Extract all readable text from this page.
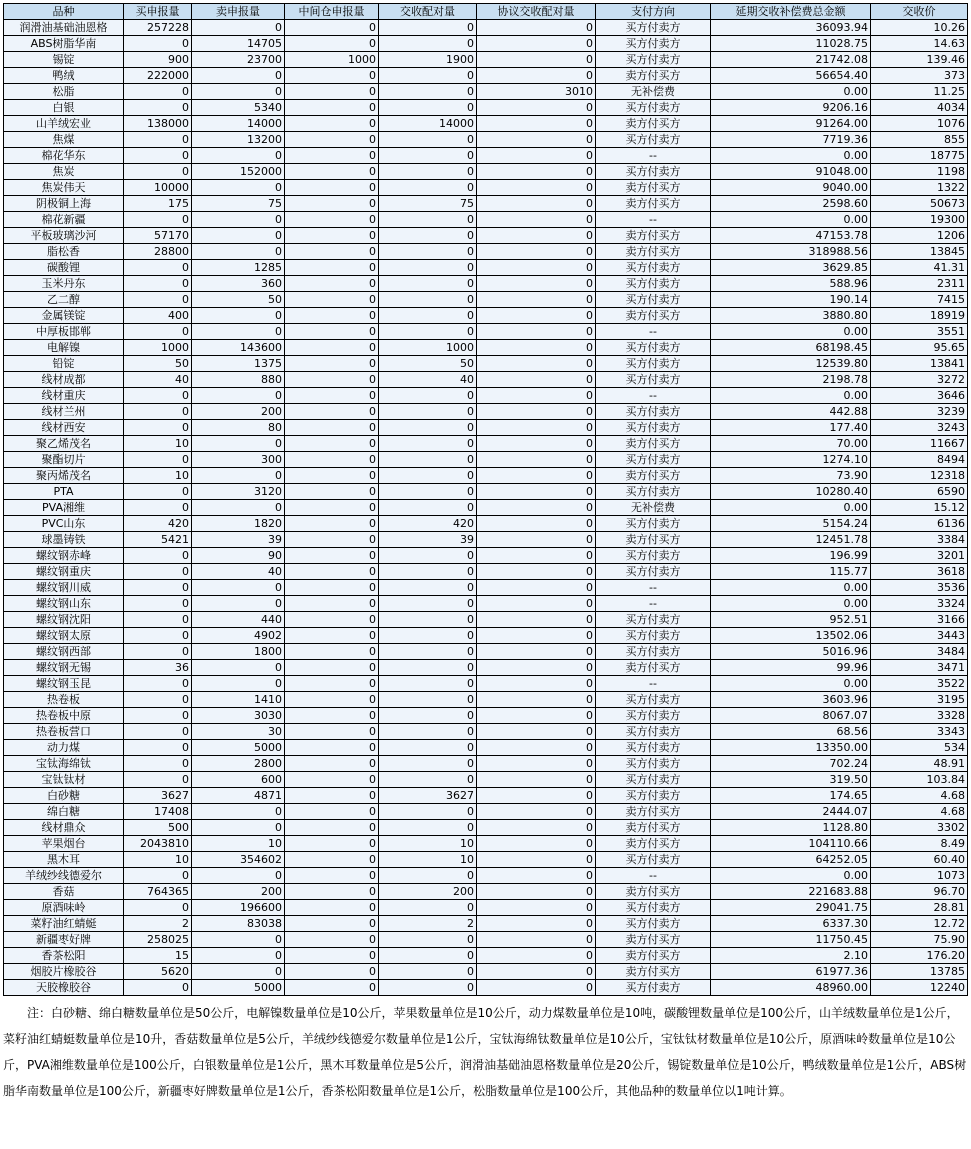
品种	买申报量	卖申报量	中间仓申报量	交收配对量	协议交收配对量	支付方向	延期交收补偿费总金额	交收价
润滑油基础油恩格	257228	0	0	0	0	买方付卖方	36093.94	10.26
ABS树脂华南	0	14705	0	0	0	买方付卖方	11028.75	14.63
锡锭	900	23700	1000	1900	0	买方付卖方	21742.08	139.46
鸭绒	222000	0	0	0	0	卖方付买方	56654.40	373
松脂	0	0	0	0	3010	无补偿费	0.00	11.25
白银	0	5340	0	0	0	买方付卖方	9206.16	4034
山羊绒宏业	138000	14000	0	14000	0	卖方付买方	91264.00	1076
焦煤	0	13200	0	0	0	买方付卖方	7719.36	855
棉花华东	0	0	0	0	0	--	0.00	18775
焦炭	0	152000	0	0	0	买方付卖方	91048.00	1198
焦炭伟天	10000	0	0	0	0	卖方付买方	9040.00	1322
阴极铜上海	175	75	0	75	0	卖方付买方	2598.60	50673
棉花新疆	0	0	0	0	0	--	0.00	19300
平板玻璃沙河	57170	0	0	0	0	卖方付买方	47153.78	1206
脂松香	28800	0	0	0	0	卖方付买方	318988.56	13845
碳酸锂	0	1285	0	0	0	买方付卖方	3629.85	41.31
玉米丹东	0	360	0	0	0	买方付卖方	588.96	2311
乙二醇	0	50	0	0	0	买方付卖方	190.14	7415
金属镁锭	400	0	0	0	0	卖方付买方	3880.80	18919
中厚板邯郸	0	0	0	0	0	--	0.00	3551
电解镍	1000	143600	0	1000	0	买方付卖方	68198.45	95.65
铅锭	50	1375	0	50	0	买方付卖方	12539.80	13841
线材成都	40	880	0	40	0	买方付卖方	2198.78	3272
线材重庆	0	0	0	0	0	--	0.00	3646
线材兰州	0	200	0	0	0	买方付卖方	442.88	3239
线材西安	0	80	0	0	0	买方付卖方	177.40	3243
聚乙烯茂名	10	0	0	0	0	卖方付买方	70.00	11667
聚酯切片	0	300	0	0	0	买方付卖方	1274.10	8494
聚丙烯茂名	10	0	0	0	0	卖方付买方	73.90	12318
PTA	0	3120	0	0	0	买方付卖方	10280.40	6590
PVA湘维	0	0	0	0	0	无补偿费	0.00	15.12
PVC山东	420	1820	0	420	0	买方付卖方	5154.24	6136
球墨铸铁	5421	39	0	39	0	卖方付买方	12451.78	3384
螺纹钢赤峰	0	90	0	0	0	买方付卖方	196.99	3201
螺纹钢重庆	0	40	0	0	0	买方付卖方	115.77	3618
螺纹钢川威	0	0	0	0	0	--	0.00	3536
螺纹钢山东	0	0	0	0	0	--	0.00	3324
螺纹钢沈阳	0	440	0	0	0	买方付卖方	952.51	3166
螺纹钢太原	0	4902	0	0	0	买方付卖方	13502.06	3443
螺纹钢西部	0	1800	0	0	0	买方付卖方	5016.96	3484
螺纹钢无锡	36	0	0	0	0	卖方付买方	99.96	3471
螺纹钢玉昆	0	0	0	0	0	--	0.00	3522
热卷板	0	1410	0	0	0	买方付卖方	3603.96	3195
热卷板中原	0	3030	0	0	0	买方付卖方	8067.07	3328
热卷板营口	0	30	0	0	0	买方付卖方	68.56	3343
动力煤	0	5000	0	0	0	买方付卖方	13350.00	534
宝钛海绵钛	0	2800	0	0	0	买方付卖方	702.24	48.91
宝钛钛材	0	600	0	0	0	买方付卖方	319.50	103.84
白砂糖	3627	4871	0	3627	0	买方付卖方	174.65	4.68
绵白糖	17408	0	0	0	0	卖方付买方	2444.07	4.68
线材鼎众	500	0	0	0	0	卖方付买方	1128.80	3302
苹果烟台	2043810	10	0	10	0	卖方付买方	104110.66	8.49
黑木耳	10	354602	0	10	0	买方付卖方	64252.05	60.40
羊绒纱线德爱尔	0	0	0	0	0	--	0.00	1073
香菇	764365	200	0	200	0	卖方付买方	221683.88	96.70
原酒味岭	0	196600	0	0	0	买方付卖方	29041.75	28.81
菜籽油红蜻蜓	2	83038	0	2	0	买方付卖方	6337.30	12.72
新疆枣好牌	258025	0	0	0	0	卖方付买方	11750.45	75.90
香茶松阳	15	0	0	0	0	卖方付买方	2.10	176.20
烟胶片橡胶谷	5620	0	0	0	0	卖方付买方	61977.36	13785
天胶橡胶谷	0	5000	0	0	0	买方付卖方	48960.00	12240
注：白砂糖、绵白糖数量单位是50公斤，电解镍数量单位是10公斤，苹果数量单位是10公斤，动力煤数量单位是10吨，碳酸锂数量单位是100公斤，山羊绒数量单位是1公斤，菜籽油红蜻蜓数量单位是10升，香菇数量单位是5公斤，羊绒纱线德爱尔数量单位是1公斤，宝钛海绵钛数量单位是10公斤，宝钛钛材数量单位是10公斤，原酒味岭数量单位是10公斤，PVA湘维数量单位是100公斤，白银数量单位是1公斤，黑木耳数量单位是5公斤，润滑油基础油恩格数量单位是20公斤，锡锭数量单位是10公斤，鸭绒数量单位是1公斤，ABS树脂华南数量单位是100公斤，新疆枣好牌数量单位是1公斤，香茶松阳数量单位是1公斤，松脂数量单位是100公斤，其他品种的数量单位以1吨计算。
